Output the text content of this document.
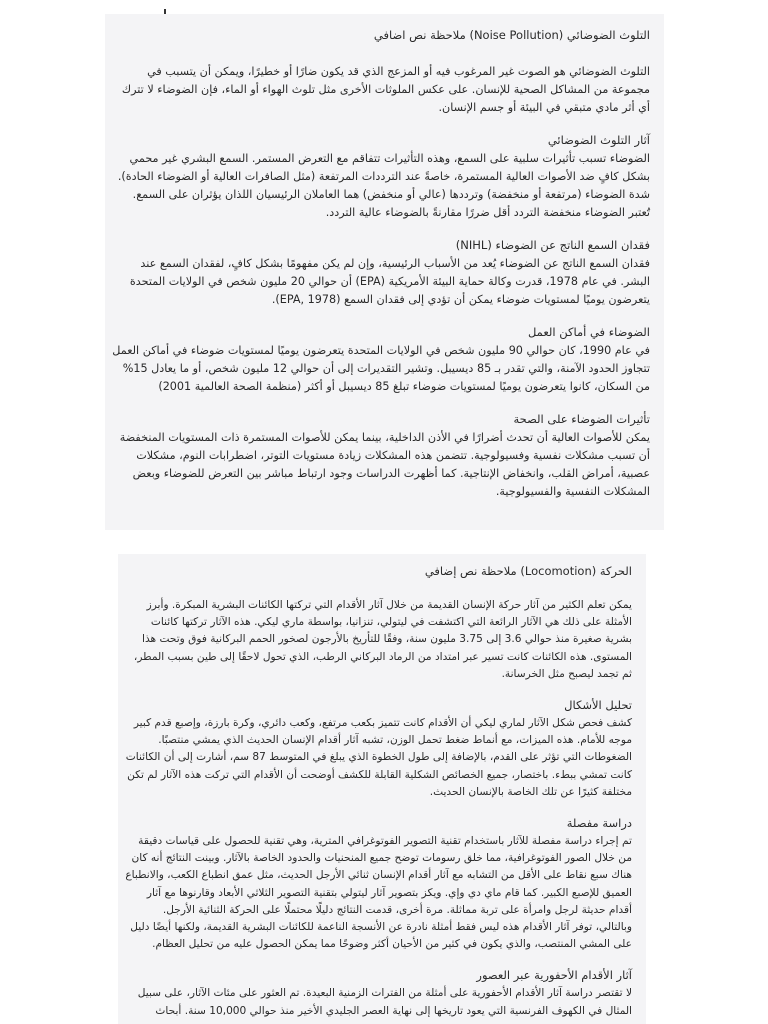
التلوث الضوضائي (Noise Pollution) ملاحظة نص اضافي

التلوث الضوضائي هو الصوت غير المرغوب فيه أو المزعج الذي قد يكون ضارًا أو خطيرًا، ويمكن أن يتسبب في مجموعة من المشاكل الصحية للإنسان. على عكس الملوثات الأخرى مثل تلوث الهواء أو الماء، فإن الضوضاء لا تترك أي أثر مادي متبقي في البيئة أو جسم الإنسان.

آثار التلوث الضوضائي

الضوضاء تسبب تأثيرات سلبية على السمع، وهذه التأثيرات تتفاقم مع التعرض المستمر. السمع البشري غير محمي بشكل كافٍ ضد الأصوات العالية المستمرة، خاصةً عند الترددات المرتفعة (مثل الصافرات العالية أو الضوضاء الحادة). شدة الضوضاء (مرتفعة أو منخفضة) وترددها (عالي أو منخفض) هما العاملان الرئيسيان اللذان يؤثران على السمع. تُعتبر الضوضاء منخفضة التردد أقل ضررًا مقارنةً بالضوضاء عالية التردد.

فقدان السمع الناتج عن الضوضاء (NIHL)

فقدان السمع الناتج عن الضوضاء يُعد من الأسباب الرئيسية، وإن لم يكن مفهومًا بشكل كافٍ، لفقدان السمع عند البشر. في عام 1978، قدرت وكالة حماية البيئة الأمريكية (EPA) أن حوالي 20 مليون شخص في الولايات المتحدة يتعرضون يوميًا لمستويات ضوضاء يمكن أن تؤدي إلى فقدان السمع (EPA, 1978).

الضوضاء في أماكن العمل

في عام 1990، كان حوالي 90 مليون شخص في الولايات المتحدة يتعرضون يوميًا لمستويات ضوضاء في أماكن العمل تتجاوز الحدود الآمنة، والتي تقدر بـ 85 ديسيبل. وتشير التقديرات إلى أن حوالي 12 مليون شخص، أو ما يعادل 15% من السكان، كانوا يتعرضون يوميًا لمستويات ضوضاء تبلغ 85 ديسيبل أو أكثر (منظمة الصحة العالمية 2001)

تأثيرات الضوضاء على الصحة

يمكن للأصوات العالية أن تحدث أضرارًا في الأذن الداخلية، بينما يمكن للأصوات المستمرة ذات المستويات المنخفضة أن تسبب مشكلات نفسية وفسيولوجية. تتضمن هذه المشكلات زيادة مستويات التوتر، اضطرابات النوم، مشكلات عصبية، أمراض القلب، وانخفاض الإنتاجية. كما أظهرت الدراسات وجود ارتباط مباشر بين التعرض للضوضاء وبعض المشكلات النفسية والفسيولوجية.

الحركة (Locomotion) ملاحظة نص إضافي

يمكن تعلم الكثير من آثار حركة الإنسان القديمة من خلال آثار الأقدام التي تركتها الكائنات البشرية المبكرة. وأبرز الأمثلة على ذلك هي الآثار الرائعة التي اكتشفت في ليتولي، تنزانيا، بواسطة ماري ليكي. هذه الآثار تركتها كائنات بشرية صغيرة منذ حوالي 3.6 إلى 3.75 مليون سنة، وفقًا للتأريخ بالأرجون لصخور الحمم البركانية فوق وتحت هذا المستوى. هذه الكائنات كانت تسير عبر امتداد من الرماد البركاني الرطب، الذي تحول لاحقًا إلى طين بسبب المطر، ثم تجمد ليصبح مثل الخرسانة.

تحليل الأشكال

كشف فحص شكل الآثار لماري ليكي أن الأقدام كانت تتميز بكعب مرتفع، وكعب دائري، وكرة بارزة، وإصبع قدم كبير موجه للأمام. هذه الميزات، مع أنماط ضغط تحمل الوزن، تشبه آثار أقدام الإنسان الحديث الذي يمشي منتصبًا. الضغوطات التي تؤثر على القدم، بالإضافة إلى طول الخطوة الذي يبلغ في المتوسط 87 سم، أشارت إلى أن الكائنات كانت تمشي ببطء. باختصار، جميع الخصائص الشكلية القابلة للكشف أوضحت أن الأقدام التي تركت هذه الآثار لم تكن مختلفة كثيرًا عن تلك الخاصة بالإنسان الحديث.

دراسة مفصلة

تم إجراء دراسة مفصلة للآثار باستخدام تقنية التصوير الفوتوغرافي المترية، وهي تقنية للحصول على قياسات دقيقة من خلال الصور الفوتوغرافية، مما خلق رسومات توضح جميع المنحنيات والحدود الخاصة بالآثار. وبينت النتائج أنه كان هناك سبع نقاط على الأقل من التشابه مع آثار أقدام الإنسان ثنائي الأرجل الحديث، مثل عمق انطباع الكعب، والانطباع العميق للإصبع الكبير. كما قام ماي دي وإي. ويكز بتصوير آثار ليتولي بتقنية التصوير الثلاثي الأبعاد وقارنوها مع آثار أقدام حديثة لرجل وامرأة على تربة مماثلة. مرة أخرى، قدمت النتائج دليلًا محتملًا على الحركة الثنائية الأرجل. وبالتالي، توفر آثار الأقدام هذه ليس فقط أمثلة نادرة عن الأنسجة الناعمة للكائنات البشرية القديمة، ولكنها أيضًا دليل على المشي المنتصب، والذي يكون في كثير من الأحيان أكثر وضوحًا مما يمكن الحصول عليه من تحليل العظام.

آثار الأقدام الأحفورية عبر العصور

لا تقتصر دراسة آثار الأقدام الأحفورية على أمثلة من الفترات الزمنية البعيدة. تم العثور على مئات الآثار، على سبيل المثال في الكهوف الفرنسية التي يعود تاريخها إلى نهاية العصر الجليدي الأخير منذ حوالي 10,000 سنة. أبحاث
